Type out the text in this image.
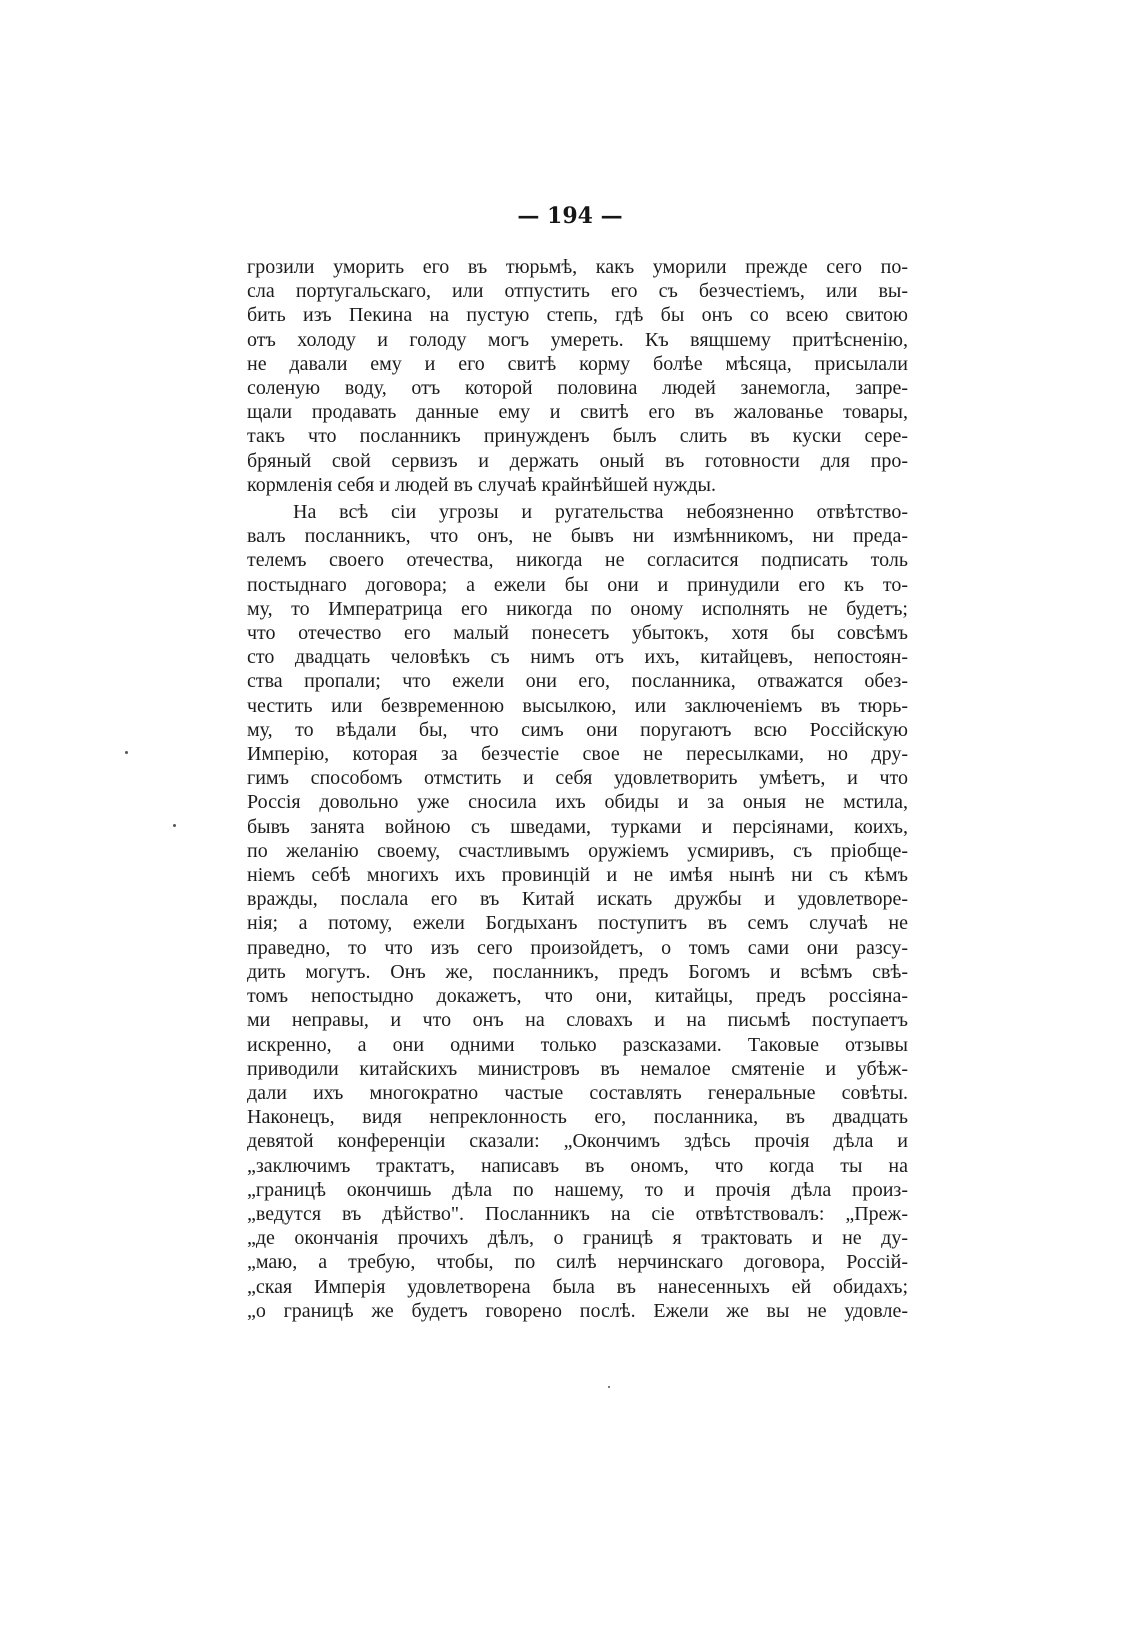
— 194 —
грозили уморить его въ тюрьмѣ, какъ уморили прежде сего по-
сла португальскаго, или отпустить его съ безчестіемъ, или вы-
бить изъ Пекина на пустую степь, гдѣ бы онъ со всею свитою
отъ холоду и голоду могъ умереть. Къ вящшему притѣсненію,
не давали ему и его свитѣ корму болѣе мѣсяца, присылали
соленую воду, отъ которой половина людей занемогла, запре-
щали продавать данные ему и свитѣ его въ жалованье товары,
такъ что посланникъ принужденъ былъ слить въ куски сере-
бряный свой сервизъ и держать оный въ готовности для про-
кормленія себя и людей въ случаѣ крайнѣйшей нужды.
На всѣ сіи угрозы и ругательства небоязненно отвѣтство-
валъ посланникъ, что онъ, не бывъ ни измѣнникомъ, ни преда-
телемъ своего отечества, никогда не согласится подписать толь
постыднаго договора; а ежели бы они и принудили его къ то-
му, то Императрица его никогда по оному исполнять не будетъ;
что отечество его малый понесетъ убытокъ, хотя бы совсѣмъ
сто двадцать человѣкъ съ нимъ отъ ихъ, китайцевъ, непостоян-
ства пропали; что ежели они его, посланника, отважатся обез-
честить или безвременною высылкою, или заключеніемъ въ тюрь-
му, то вѣдали бы, что симъ они поругаютъ всю Россійскую
Имперію, которая за безчестіе свое не пересылками, но дру-
гимъ способомъ отмстить и себя удовлетворить умѣетъ, и что
Россія довольно уже сносила ихъ обиды и за оныя не мстила,
бывъ занята войною съ шведами, турками и персіянами, коихъ,
по желанію своему, счастливымъ оружіемъ усмиривъ, съ пріобще-
ніемъ себѣ многихъ ихъ провинцій и не имѣя нынѣ ни съ кѣмъ
вражды, послала его въ Китай искать дружбы и удовлетворе-
нія; а потому, ежели Богдыханъ поступитъ въ семъ случаѣ не
праведно, то что изъ сего произойдетъ, о томъ сами они разсу-
дить могутъ. Онъ же, посланникъ, предъ Богомъ и всѣмъ свѣ-
томъ непостыдно докажетъ, что они, китайцы, предъ россіяна-
ми неправы, и что онъ на словахъ и на письмѣ поступаетъ
искренно, а они одними только разсказами. Таковые отзывы
приводили китайскихъ министровъ въ немалое смятеніе и убѣж-
дали ихъ многократно частые составлять генеральные совѣты.
Наконецъ, видя непреклонность его, посланника, въ двадцать
девятой конференціи сказали: „Окончимъ здѣсь прочія дѣла и
„заключимъ трактатъ, написавъ въ ономъ, что когда ты на
„границѣ окончишь дѣла по нашему, то и прочія дѣла произ-
„ведутся въ дѣйство". Посланникъ на сіе отвѣтствовалъ: „Преж-
„де окончанія прочихъ дѣлъ, о границѣ я трактовать и не ду-
„маю, а требую, чтобы, по силѣ нерчинскаго договора, Россій-
„ская Имперія удовлетворена была въ нанесенныхъ ей обидахъ;
„о границѣ же будетъ говорено послѣ. Ежели же вы не удовле-
